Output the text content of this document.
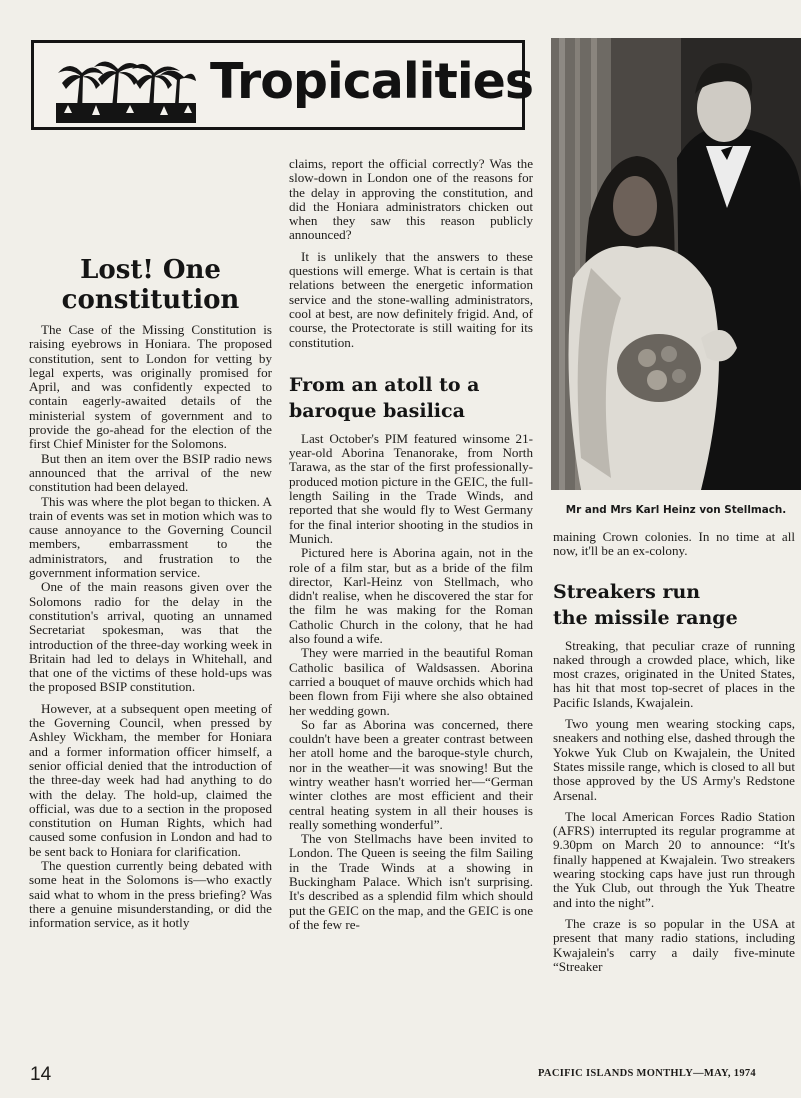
Tropicalities
Lost! One
constitution

The Case of the Missing Constitution is raising eyebrows in Honiara. The proposed constitution, sent to London for vetting by legal experts, was originally promised for April, and was confidently expected to contain eagerly-awaited details of the ministerial system of government and to provide the go-ahead for the election of the first Chief Minister for the Solomons.

But then an item over the BSIP radio news announced that the arrival of the new constitution had been delayed.

This was where the plot began to thicken. A train of events was set in motion which was to cause annoyance to the Governing Council members, embarrassment to the administrators, and frustration to the government information service.

One of the main reasons given over the Solomons radio for the delay in the constitution's arrival, quoting an unnamed Secretariat spokesman, was that the introduction of the three-day working week in Britain had led to delays in Whitehall, and that one of the victims of these hold-ups was the proposed BSIP constitution.

However, at a subsequent open meeting of the Governing Council, when pressed by Ashley Wickham, the member for Honiara and a former information officer himself, a senior official denied that the introduction of the three-day week had had anything to do with the delay. The hold-up, claimed the official, was due to a section in the proposed constitution on Human Rights, which had caused some confusion in London and had to be sent back to Honiara for clarification.

The question currently being debated with some heat in the Solomons is—who exactly said what to whom in the press briefing? Was there a genuine misunderstanding, or did the information service, as it hotly

claims, report the official correctly? Was the slow-down in London one of the reasons for the delay in approving the constitution, and did the Honiara administrators chicken out when they saw this reason publicly announced?

It is unlikely that the answers to these questions will emerge. What is certain is that relations between the energetic information service and the stone-walling administrators, cool at best, are now definitely frigid. And, of course, the Protectorate is still waiting for its constitution.

From an atoll to a
baroque basilica

Last October's PIM featured winsome 21-year-old Aborina Tenanorake, from North Tarawa, as the star of the first professionally-produced motion picture in the GEIC, the full-length Sailing in the Trade Winds, and reported that she would fly to West Germany for the final interior shooting in the studios in Munich.

Pictured here is Aborina again, not in the role of a film star, but as a bride of the film director, Karl-Heinz von Stellmach, who didn't realise, when he discovered the star for the film he was making for the Roman Catholic Church in the colony, that he had also found a wife.

They were married in the beautiful Roman Catholic basilica of Waldsassen. Aborina carried a bouquet of mauve orchids which had been flown from Fiji where she also obtained her wedding gown.

So far as Aborina was concerned, there couldn't have been a greater contrast between her atoll home and the baroque-style church, nor in the weather—it was snowing! But the wintry weather hasn't worried her—“German winter clothes are most efficient and their central heating system in all their houses is really something wonderful”.

The von Stellmachs have been invited to London. The Queen is seeing the film Sailing in the Trade Winds at a showing in Buckingham Palace. Which isn't surprising. It's described as a splendid film which should put the GEIC on the map, and the GEIC is one of the few re-

Mr and Mrs Karl Heinz von Stellmach.

maining Crown colonies. In no time at all now, it'll be an ex-colony.

Streakers run
the missile range

Streaking, that peculiar craze of running naked through a crowded place, which, like most crazes, originated in the United States, has hit that most top-secret of places in the Pacific Islands, Kwajalein.

Two young men wearing stocking caps, sneakers and nothing else, dashed through the Yokwe Yuk Club on Kwajalein, the United States missile range, which is closed to all but those approved by the US Army's Redstone Arsenal.

The local American Forces Radio Station (AFRS) interrupted its regular programme at 9.30pm on March 20 to announce: “It's finally happened at Kwajalein. Two streakers wearing stocking caps have just run through the Yuk Club, out through the Yuk Theatre and into the night”.

The craze is so popular in the USA at present that many radio stations, including Kwajalein's carry a daily five-minute “Streaker

14	PACIFIC ISLANDS MONTHLY—MAY, 1974
